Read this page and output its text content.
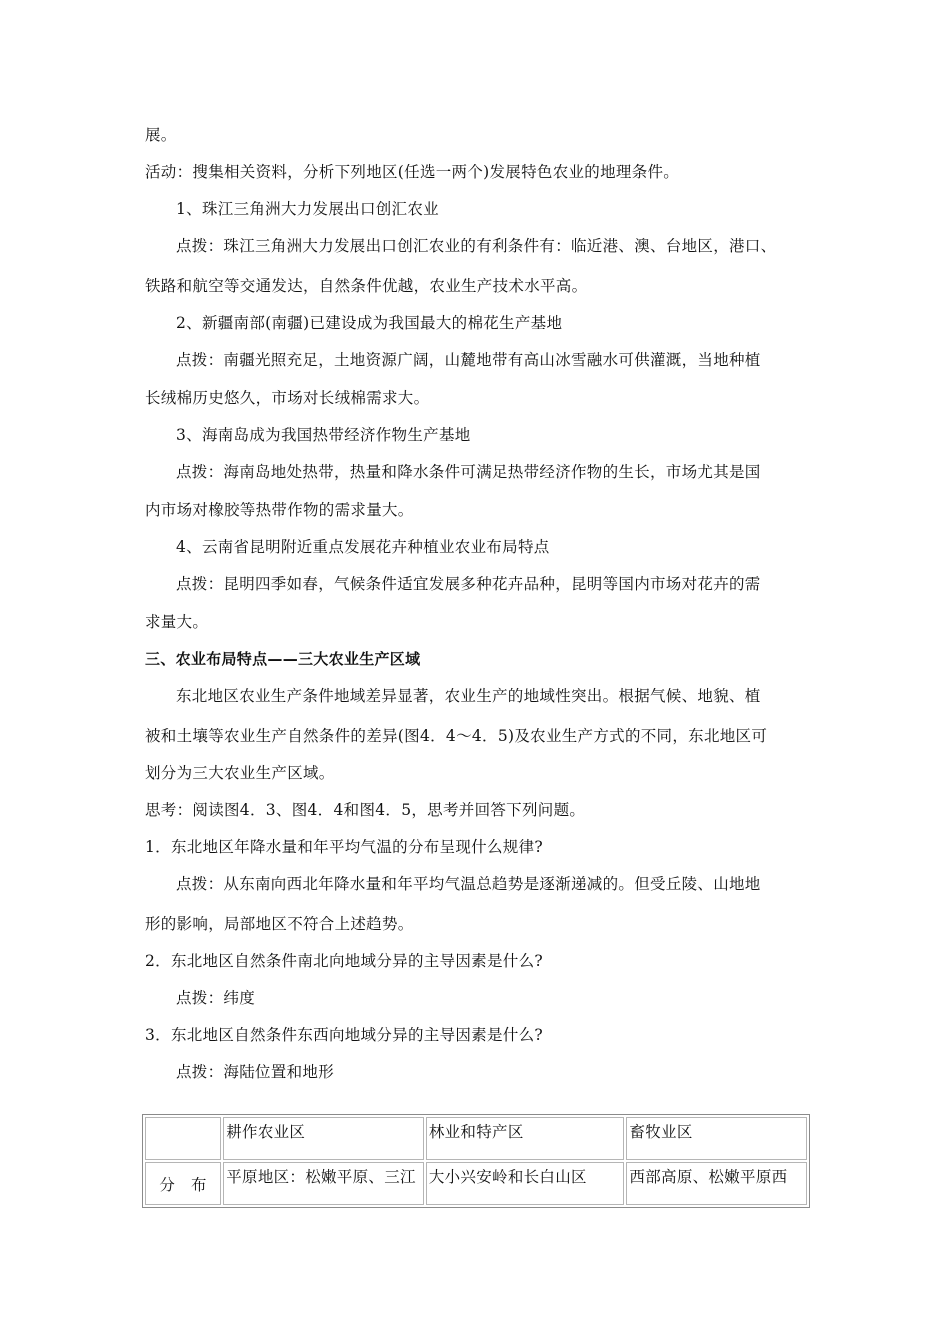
展。
活动：搜集相关资料，分析下列地区(任选一两个)发展特色农业的地理条件。
1、珠江三角洲大力发展出口创汇农业
点拨：珠江三角洲大力发展出口创汇农业的有利条件有：临近港、澳、台地区，港口、
铁路和航空等交通发达，自然条件优越，农业生产技术水平高。
2、新疆南部(南疆)已建设成为我国最大的棉花生产基地
点拨：南疆光照充足，土地资源广阔，山麓地带有高山冰雪融水可供灌溉，当地种植
长绒棉历史悠久，市场对长绒棉需求大。
3、海南岛成为我国热带经济作物生产基地
点拨：海南岛地处热带，热量和降水条件可满足热带经济作物的生长，市场尤其是国
内市场对橡胶等热带作物的需求量大。
4、云南省昆明附近重点发展花卉种植业农业布局特点
点拨：昆明四季如春，气候条件适宜发展多种花卉品种，昆明等国内市场对花卉的需
求量大。
三、农业布局特点——三大农业生产区域
东北地区农业生产条件地域差异显著，农业生产的地域性突出。根据气候、地貌、植
被和土壤等农业生产自然条件的差异(图4．4～4．5)及农业生产方式的不同，东北地区可
划分为三大农业生产区域。
思考：阅读图4．3、图4．4和图4．5，思考并回答下列问题。
1．东北地区年降水量和年平均气温的分布呈现什么规律?
点拨：从东南向西北年降水量和年平均气温总趋势是逐渐递减的。但受丘陵、山地地
形的影响，局部地区不符合上述趋势。
2．东北地区自然条件南北向地域分异的主导因素是什么?
点拨：纬度
3．东北地区自然条件东西向地域分异的主导因素是什么?
点拨：海陆位置和地形
	耕作农业区	林业和特产区	畜牧业区
分　布	平原地区：松嫩平原、三江	大小兴安岭和长白山区	西部高原、松嫩平原西
